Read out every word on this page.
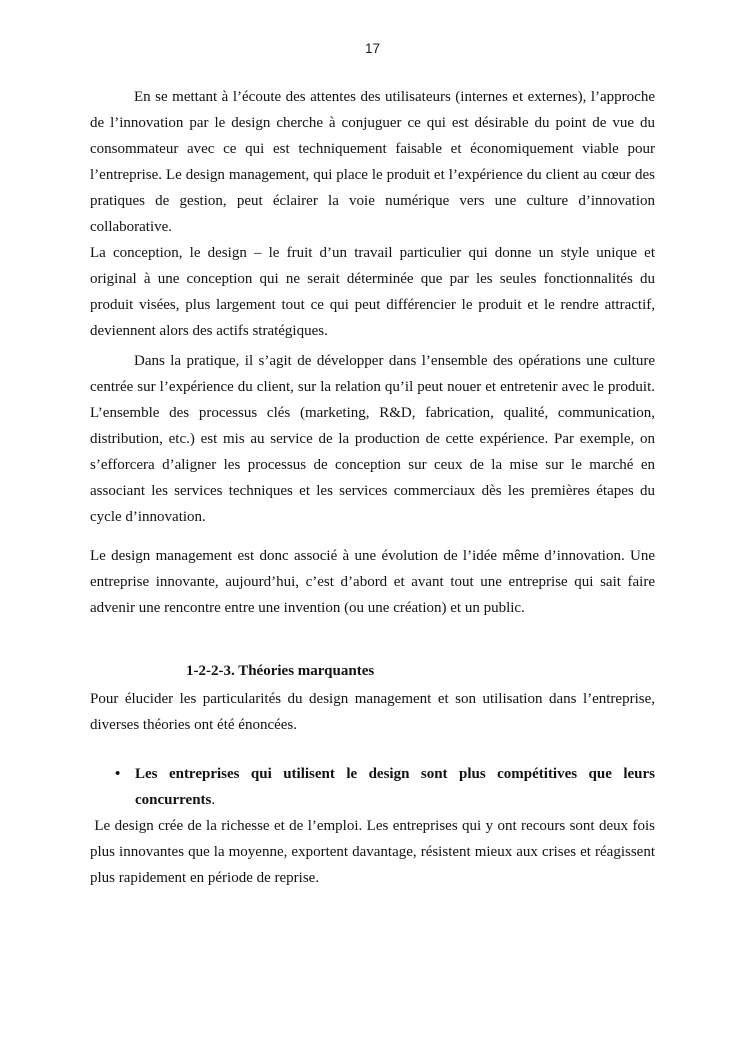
17
En se mettant à l’écoute des attentes des utilisateurs (internes et externes), l’approche
de l’innovation par le design cherche à conjuguer ce qui est désirable du point de vue du
consommateur avec ce qui est techniquement faisable et économiquement viable pour
l’entreprise. Le design management, qui place le produit et l’expérience du client au cœur des
pratiques de gestion, peut éclairer la voie numérique vers une culture d’innovation
collaborative.
La conception, le design – le fruit d’un travail particulier qui donne un style unique et
original à une conception qui ne serait déterminée que par les seules fonctionnalités du
produit visées, plus largement tout ce qui peut différencier le produit et le rendre attractif,
deviennent alors des actifs stratégiques.
Dans la pratique, il s’agit de développer dans l’ensemble des opérations une culture
centrée sur l’expérience du client, sur la relation qu’il peut nouer et entretenir avec le produit.
L’ensemble des processus clés (marketing, R&D, fabrication, qualité, communication,
distribution, etc.) est mis au service de la production de cette expérience. Par exemple, on
s’efforcera d’aligner les processus de conception sur ceux de la mise sur le marché en
associant les services techniques et les services commerciaux dès les premières étapes du
cycle d’innovation.
Le design management est donc associé à une évolution de l’idée même d’innovation. Une
entreprise innovante, aujourd’hui, c’est d’abord et avant tout une entreprise qui sait faire
advenir une rencontre entre une invention (ou une création) et un public.
1-2-2-3. Théories marquantes
Pour élucider les particularités du design management et son utilisation dans l’entreprise,
diverses théories ont été énoncées.
• Les entreprises qui utilisent le design sont plus compétitives que leurs
concurrents.
Le design crée de la richesse et de l’emploi. Les entreprises qui y ont recours sont deux fois
plus innovantes que la moyenne, exportent davantage, résistent mieux aux crises et réagissent
plus rapidement en période de reprise.
